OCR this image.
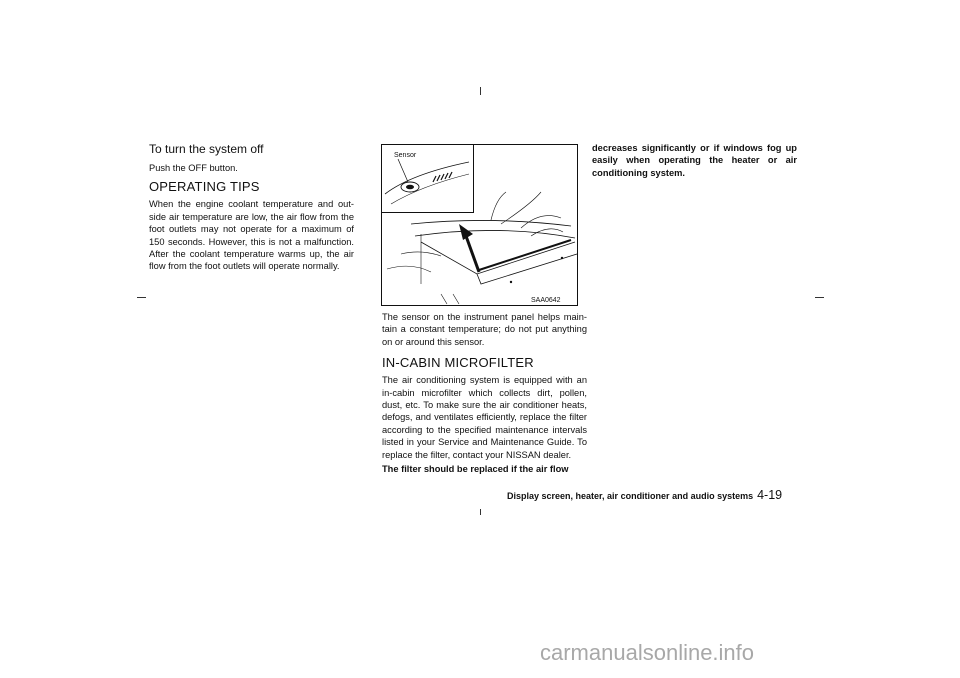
To turn the system off

Push the OFF button.

OPERATING TIPS

When the engine coolant temperature and out-side air temperature are low, the air flow from the foot outlets may not operate for a maximum of 150 seconds. However, this is not a malfunction. After the coolant temperature warms up, the air flow from the foot outlets will operate normally.

Sensor
SAA0642

The sensor on the instrument panel helps main-tain a constant temperature; do not put anything on or around this sensor.

IN-CABIN MICROFILTER

The air conditioning system is equipped with an in-cabin microfilter which collects dirt, pollen, dust, etc. To make sure the air conditioner heats, defogs, and ventilates efficiently, replace the filter according to the specified maintenance intervals listed in your Service and Maintenance Guide. To replace the filter, contact your NISSAN dealer.

The filter should be replaced if the air flow

decreases significantly or if windows fog up easily when operating the heater or air conditioning system.

Display screen, heater, air conditioner and audio systems 4-19
carmanualsonline.info
